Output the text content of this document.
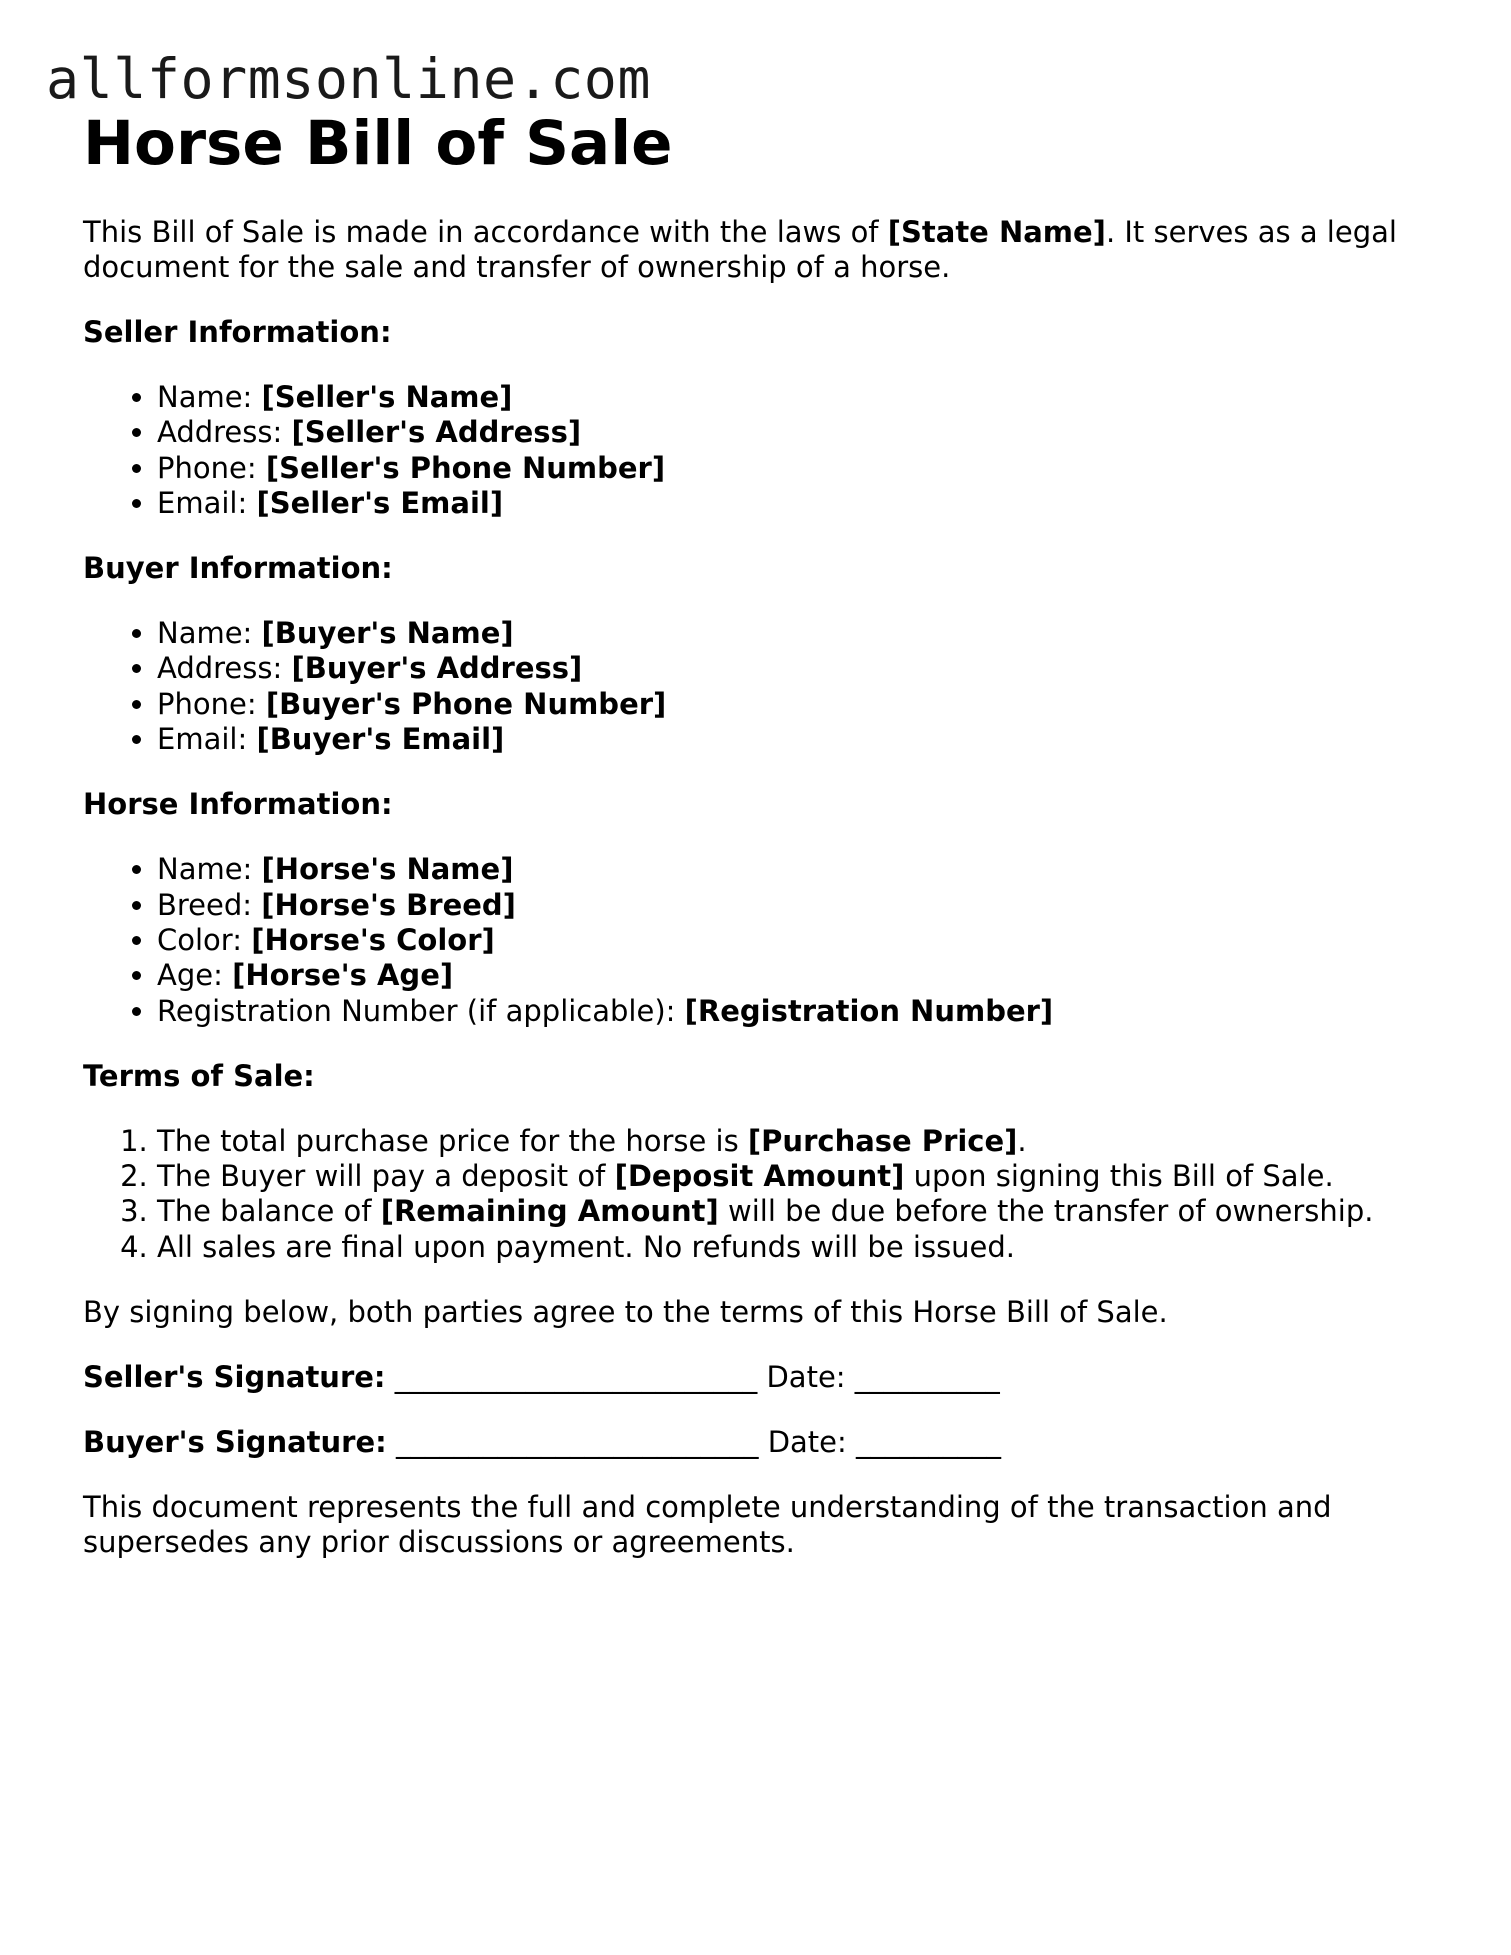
allformsonline.com
Horse Bill of Sale

This Bill of Sale is made in accordance with the laws of [State Name]. It serves as a legal document for the sale and transfer of ownership of a horse.

Seller Information:

• Name: [Seller's Name]
• Address: [Seller's Address]
• Phone: [Seller's Phone Number]
• Email: [Seller's Email]

Buyer Information:

• Name: [Buyer's Name]
• Address: [Buyer's Address]
• Phone: [Buyer's Phone Number]
• Email: [Buyer's Email]

Horse Information:

• Name: [Horse's Name]
• Breed: [Horse's Breed]
• Color: [Horse's Color]
• Age: [Horse's Age]
• Registration Number (if applicable): [Registration Number]

Terms of Sale:

1. The total purchase price for the horse is [Purchase Price].
2. The Buyer will pay a deposit of [Deposit Amount] upon signing this Bill of Sale.
3. The balance of [Remaining Amount] will be due before the transfer of ownership.
4. All sales are final upon payment. No refunds will be issued.

By signing below, both parties agree to the terms of this Horse Bill of Sale.

Seller's Signature: _________________________ Date: __________

Buyer's Signature: _________________________ Date: __________

This document represents the full and complete understanding of the transaction and supersedes any prior discussions or agreements.
